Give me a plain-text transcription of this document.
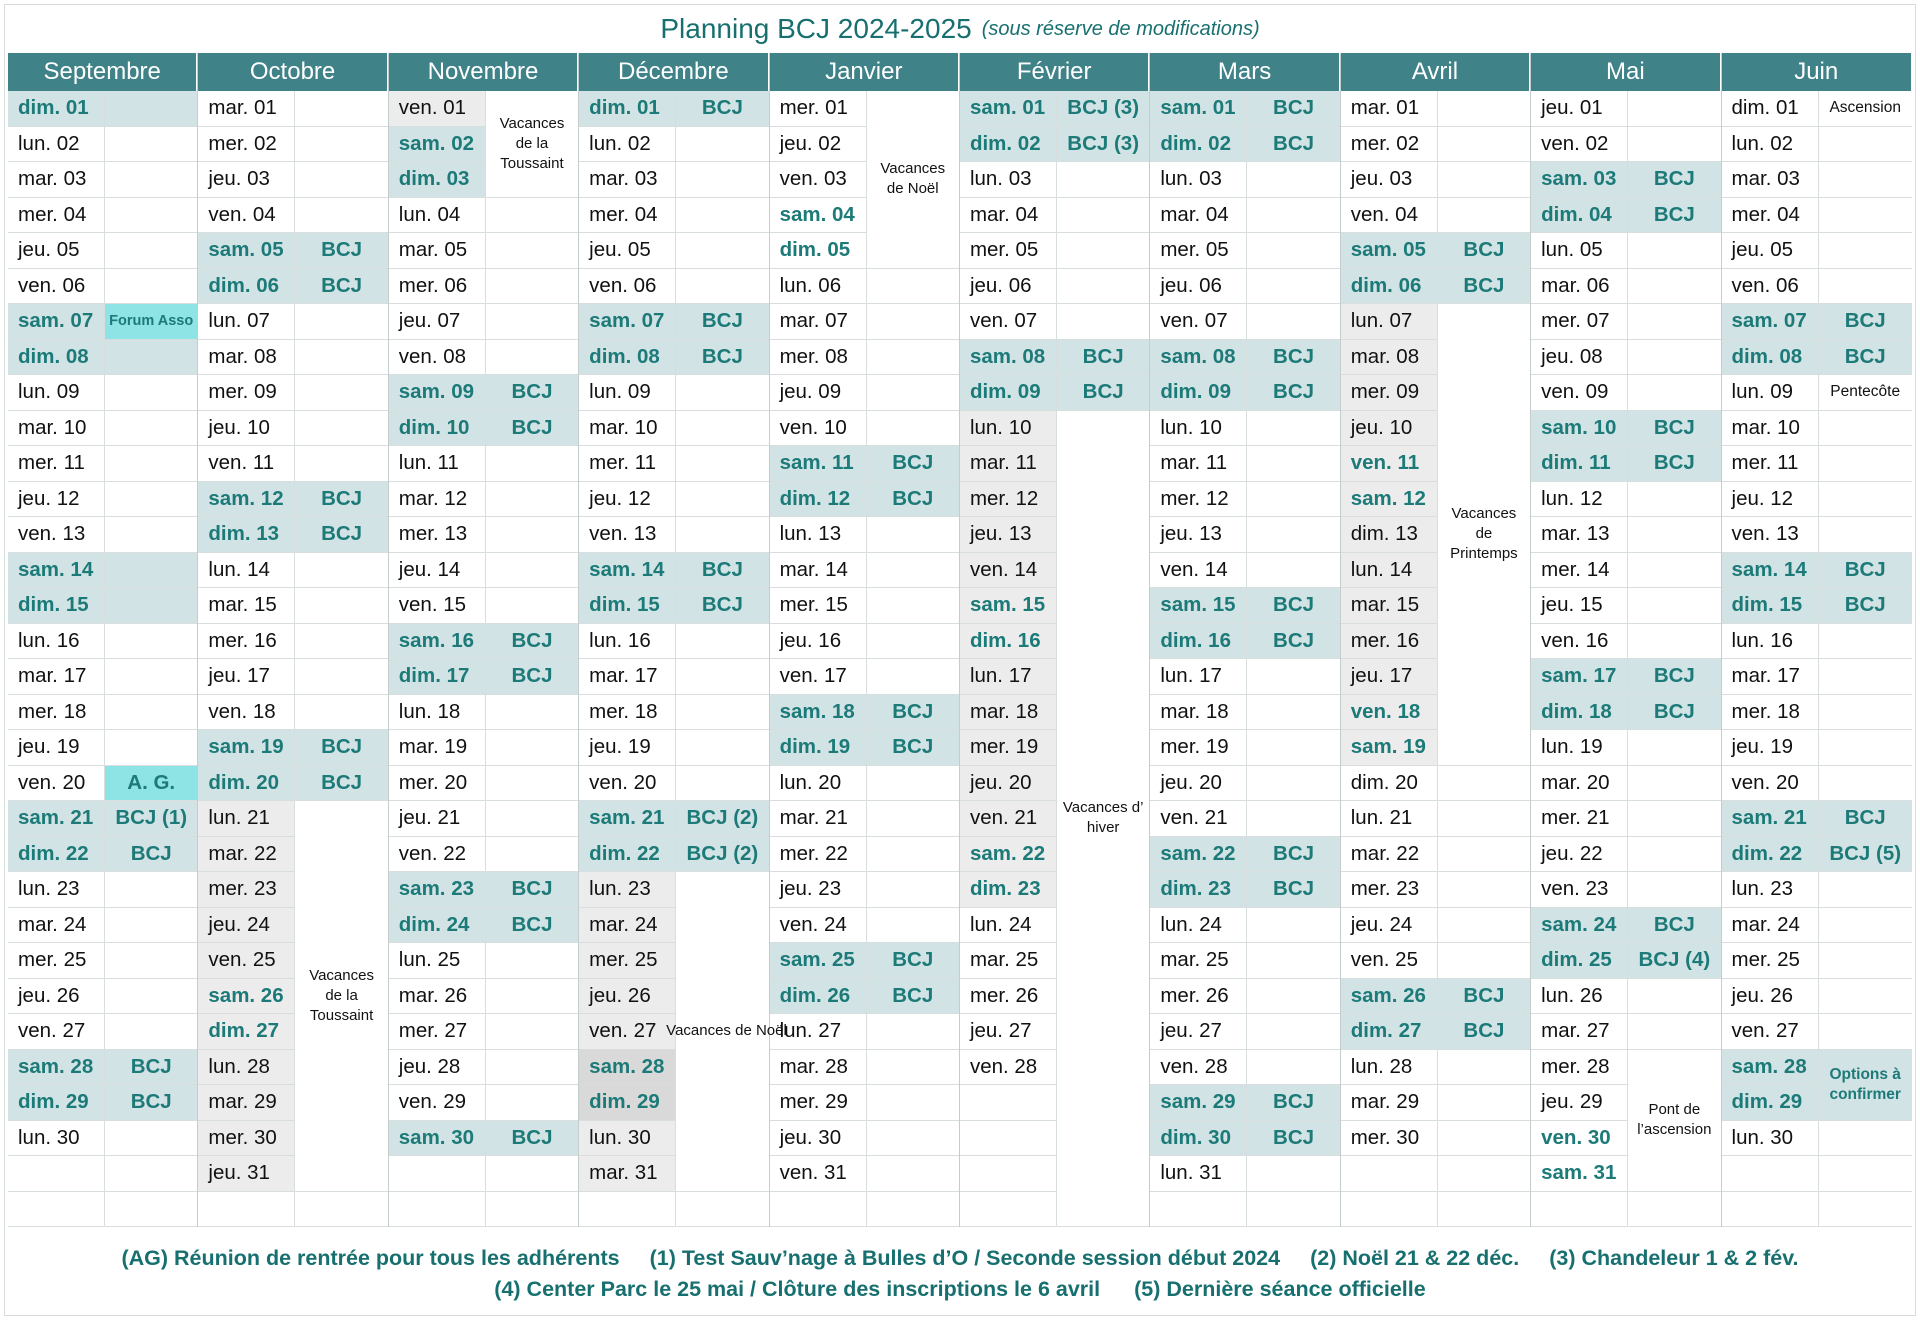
Planning BCJ 2024-2025 (sous réserve de modifications)
Septembre
dim. 01
lun. 02
mar. 03
mer. 04
jeu. 05
ven. 06
sam. 07	Forum Asso
dim. 08
lun. 09
mar. 10
mer. 11
jeu. 12
ven. 13
sam. 14
dim. 15
lun. 16
mar. 17
mer. 18
jeu. 19
ven. 20	A. G.
sam. 21	BCJ (1)
dim. 22	BCJ
lun. 23
mar. 24
mer. 25
jeu. 26
ven. 27
sam. 28	BCJ
dim. 29	BCJ
lun. 30
Octobre
mar. 01
mer. 02
jeu. 03
ven. 04
sam. 05	BCJ
dim. 06	BCJ
lun. 07
mar. 08
mer. 09
jeu. 10
ven. 11
sam. 12	BCJ
dim. 13	BCJ
lun. 14
mar. 15
mer. 16
jeu. 17
ven. 18
sam. 19	BCJ
dim. 20	BCJ
lun. 21
mar. 22
mer. 23
jeu. 24
ven. 25
sam. 26
dim. 27
lun. 28
mar. 29
mer. 30
jeu. 31
Vacances
de la
Toussaint
Novembre
ven. 01
sam. 02
dim. 03
lun. 04
mar. 05
mer. 06
jeu. 07
ven. 08
sam. 09	BCJ
dim. 10	BCJ
lun. 11
mar. 12
mer. 13
jeu. 14
ven. 15
sam. 16	BCJ
dim. 17	BCJ
lun. 18
mar. 19
mer. 20
jeu. 21
ven. 22
sam. 23	BCJ
dim. 24	BCJ
lun. 25
mar. 26
mer. 27
jeu. 28
ven. 29
sam. 30	BCJ
Vacances
de la
Toussaint
Décembre
dim. 01	BCJ
lun. 02
mar. 03
mer. 04
jeu. 05
ven. 06
sam. 07	BCJ
dim. 08	BCJ
lun. 09
mar. 10
mer. 11
jeu. 12
ven. 13
sam. 14	BCJ
dim. 15	BCJ
lun. 16
mar. 17
mer. 18
jeu. 19
ven. 20
sam. 21	BCJ (2)
dim. 22	BCJ (2)
lun. 23
mar. 24
mer. 25
jeu. 26
ven. 27
sam. 28
dim. 29
lun. 30
mar. 31
Vacances de Noël
Janvier
mer. 01
jeu. 02
ven. 03
sam. 04
dim. 05
lun. 06
mar. 07
mer. 08
jeu. 09
ven. 10
sam. 11	BCJ
dim. 12	BCJ
lun. 13
mar. 14
mer. 15
jeu. 16
ven. 17
sam. 18	BCJ
dim. 19	BCJ
lun. 20
mar. 21
mer. 22
jeu. 23
ven. 24
sam. 25	BCJ
dim. 26	BCJ
lun. 27
mar. 28
mer. 29
jeu. 30
ven. 31
Vacances
de Noël
Février
sam. 01	BCJ (3)
dim. 02	BCJ (3)
lun. 03
mar. 04
mer. 05
jeu. 06
ven. 07
sam. 08	BCJ
dim. 09	BCJ
lun. 10
mar. 11
mer. 12
jeu. 13
ven. 14
sam. 15
dim. 16
lun. 17
mar. 18
mer. 19
jeu. 20
ven. 21
sam. 22
dim. 23
lun. 24
mar. 25
mer. 26
jeu. 27
ven. 28
Vacances d’
hiver
Mars
sam. 01	BCJ
dim. 02	BCJ
lun. 03
mar. 04
mer. 05
jeu. 06
ven. 07
sam. 08	BCJ
dim. 09	BCJ
lun. 10
mar. 11
mer. 12
jeu. 13
ven. 14
sam. 15	BCJ
dim. 16	BCJ
lun. 17
mar. 18
mer. 19
jeu. 20
ven. 21
sam. 22	BCJ
dim. 23	BCJ
lun. 24
mar. 25
mer. 26
jeu. 27
ven. 28
sam. 29	BCJ
dim. 30	BCJ
lun. 31
Avril
mar. 01
mer. 02
jeu. 03
ven. 04
sam. 05	BCJ
dim. 06	BCJ
lun. 07
mar. 08
mer. 09
jeu. 10
ven. 11
sam. 12
dim. 13
lun. 14
mar. 15
mer. 16
jeu. 17
ven. 18
sam. 19
dim. 20
lun. 21
mar. 22
mer. 23
jeu. 24
ven. 25
sam. 26	BCJ
dim. 27	BCJ
lun. 28
mar. 29
mer. 30
Vacances
de
Printemps
Mai
jeu. 01
ven. 02
sam. 03	BCJ
dim. 04	BCJ
lun. 05
mar. 06
mer. 07
jeu. 08
ven. 09
sam. 10	BCJ
dim. 11	BCJ
lun. 12
mar. 13
mer. 14
jeu. 15
ven. 16
sam. 17	BCJ
dim. 18	BCJ
lun. 19
mar. 20
mer. 21
jeu. 22
ven. 23
sam. 24	BCJ
dim. 25	BCJ (4)
lun. 26
mar. 27
mer. 28
jeu. 29
ven. 30
sam. 31
Pont de
l’ascension
Juin
dim. 01	Ascension
lun. 02
mar. 03
mer. 04
jeu. 05
ven. 06
sam. 07	BCJ
dim. 08	BCJ
lun. 09	Pentecôte
mar. 10
mer. 11
jeu. 12
ven. 13
sam. 14	BCJ
dim. 15	BCJ
lun. 16
mar. 17
mer. 18
jeu. 19
ven. 20
sam. 21	BCJ
dim. 22	BCJ (5)
lun. 23
mar. 24
mer. 25
jeu. 26
ven. 27
sam. 28
dim. 29
lun. 30
Options à
confirmer
(AG) Réunion de rentrée pour tous les adhérents (1) Test Sauv’nage à Bulles d’O / Seconde session début 2024 (2) Noël 21 & 22 déc. (3) Chandeleur 1 & 2 fév.
(4) Center Parc le 25 mai / Clôture des inscriptions le 6 avril (5) Dernière séance officielle
